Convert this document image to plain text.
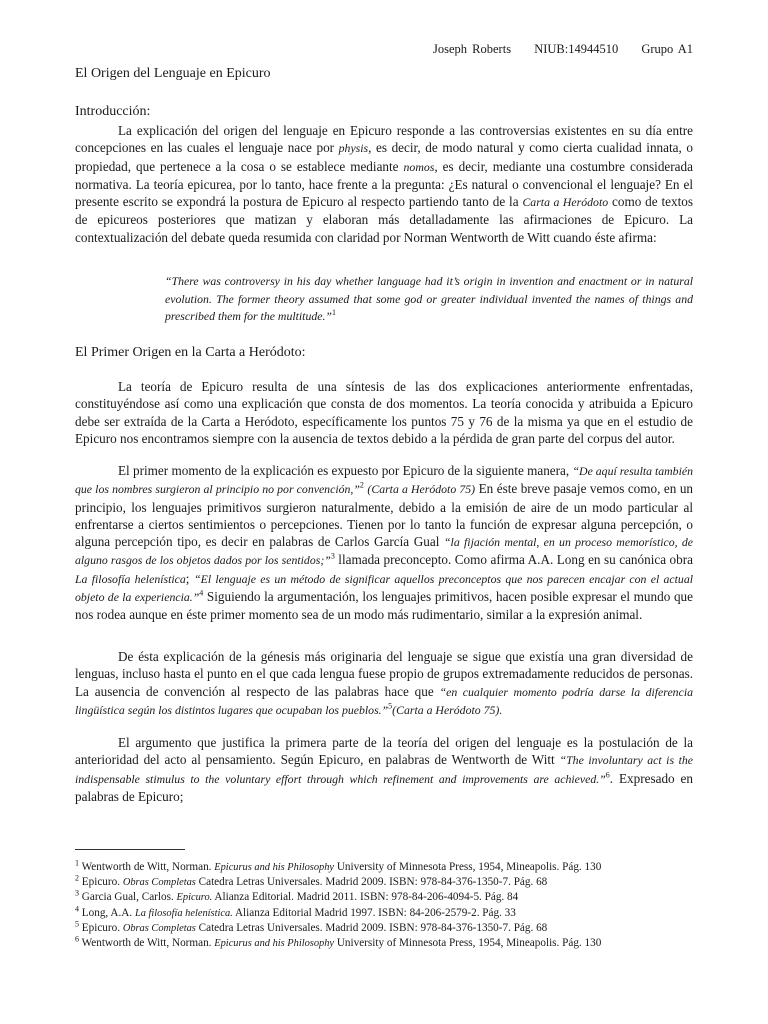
Joseph Roberts NIUB:14944510 Grupo A1
El Origen del Lenguaje en Epicuro
Introducción:

La explicación del origen del lenguaje en Epicuro responde a las controversias existentes en su día entre concepciones en las cuales el lenguaje nace por physis, es decir, de modo natural y como cierta cualidad innata, o propiedad, que pertenece a la cosa o se establece mediante nomos, es decir, mediante una costumbre considerada normativa. La teoría epicurea, por lo tanto, hace frente a la pregunta: ¿Es natural o convencional el lenguaje? En el presente escrito se expondrá la postura de Epicuro al respecto partiendo tanto de la Carta a Heródoto como de textos de epicureos posteriores que matizan y elaboran más detalladamente las afirmaciones de Epicuro. La contextualización del debate queda resumida con claridad por Norman Wentworth de Witt cuando éste afirma:

“There was controversy in his day whether language had it’s origin in invention and enactment or in natural evolution. The former theory assumed that some god or greater individual invented the names of things and prescribed them for the multitude.”$^1$

El Primer Origen en la Carta a Heródoto:

La teoría de Epicuro resulta de una síntesis de las dos explicaciones anteriormente enfrentadas, constituyéndose así como una explicación que consta de dos momentos. La teoría conocida y atribuida a Epicuro debe ser extraída de la Carta a Heródoto, específicamente los puntos 75 y 76 de la misma ya que en el estudio de Epicuro nos encontramos siempre con la ausencia de textos debido a la pérdida de gran parte del corpus del autor.

El primer momento de la explicación es expuesto por Epicuro de la siguiente manera, “De aquí resulta también que los nombres surgieron al principio no por convención,”$^2$ (Carta a Heródoto 75) En éste breve pasaje vemos como, en un principio, los lenguajes primitivos surgieron naturalmente, debido a la emisión de aire de un modo particular al enfrentarse a ciertos sentimientos o percepciones. Tienen por lo tanto la función de expresar alguna percepción, o alguna percepción tipo, es decir en palabras de Carlos García Gual “la fijación mental, en un proceso memorístico, de alguno rasgos de los objetos dados por los sentidos;”$^3$ llamada preconcepto. Como afirma A.A. Long en su canónica obra La filosofía helenística; “El lenguaje es un método de significar aquellos preconceptos que nos parecen encajar con el actual objeto de la experiencia.”$^4$ Siguiendo la argumentación, los lenguajes primitivos, hacen posible expresar el mundo que nos rodea aunque en éste primer momento sea de un modo más rudimentario, similar a la expresión animal.

De ésta explicación de la génesis más originaria del lenguaje se sigue que existía una gran diversidad de lenguas, incluso hasta el punto en el que cada lengua fuese propio de grupos extremadamente reducidos de personas. La ausencia de convención al respecto de las palabras hace que “en cualquier momento podría darse la diferencia lingüística según los distintos lugares que ocupaban los pueblos.”$^5$(Carta a Heródoto 75).

El argumento que justifica la primera parte de la teoría del origen del lenguaje es la postulación de la anterioridad del acto al pensamiento. Según Epicuro, en palabras de Wentworth de Witt “The involuntary act is the indispensable stimulus to the voluntary effort through which refinement and improvements are achieved.”$^6$. Expresado en palabras de Epicuro;

$^1$ Wentworth de Witt, Norman. Epicurus and his Philosophy University of Minnesota Press, 1954, Mineapolis. Pág. 130
$^2$ Epicuro. Obras Completas Catedra Letras Universales. Madrid 2009. ISBN: 978-84-376-1350-7. Pág. 68
$^3$ Garcia Gual, Carlos. Epicuro. Alianza Editorial. Madrid 2011. ISBN: 978-84-206-4094-5. Pág. 84
$^4$ Long, A.A. La filosofía helenística. Alianza Editorial Madrid 1997. ISBN: 84-206-2579-2. Pág. 33
$^5$ Epicuro. Obras Completas Catedra Letras Universales. Madrid 2009. ISBN: 978-84-376-1350-7. Pág. 68
$^6$ Wentworth de Witt, Norman. Epicurus and his Philosophy University of Minnesota Press, 1954, Mineapolis. Pág. 130
